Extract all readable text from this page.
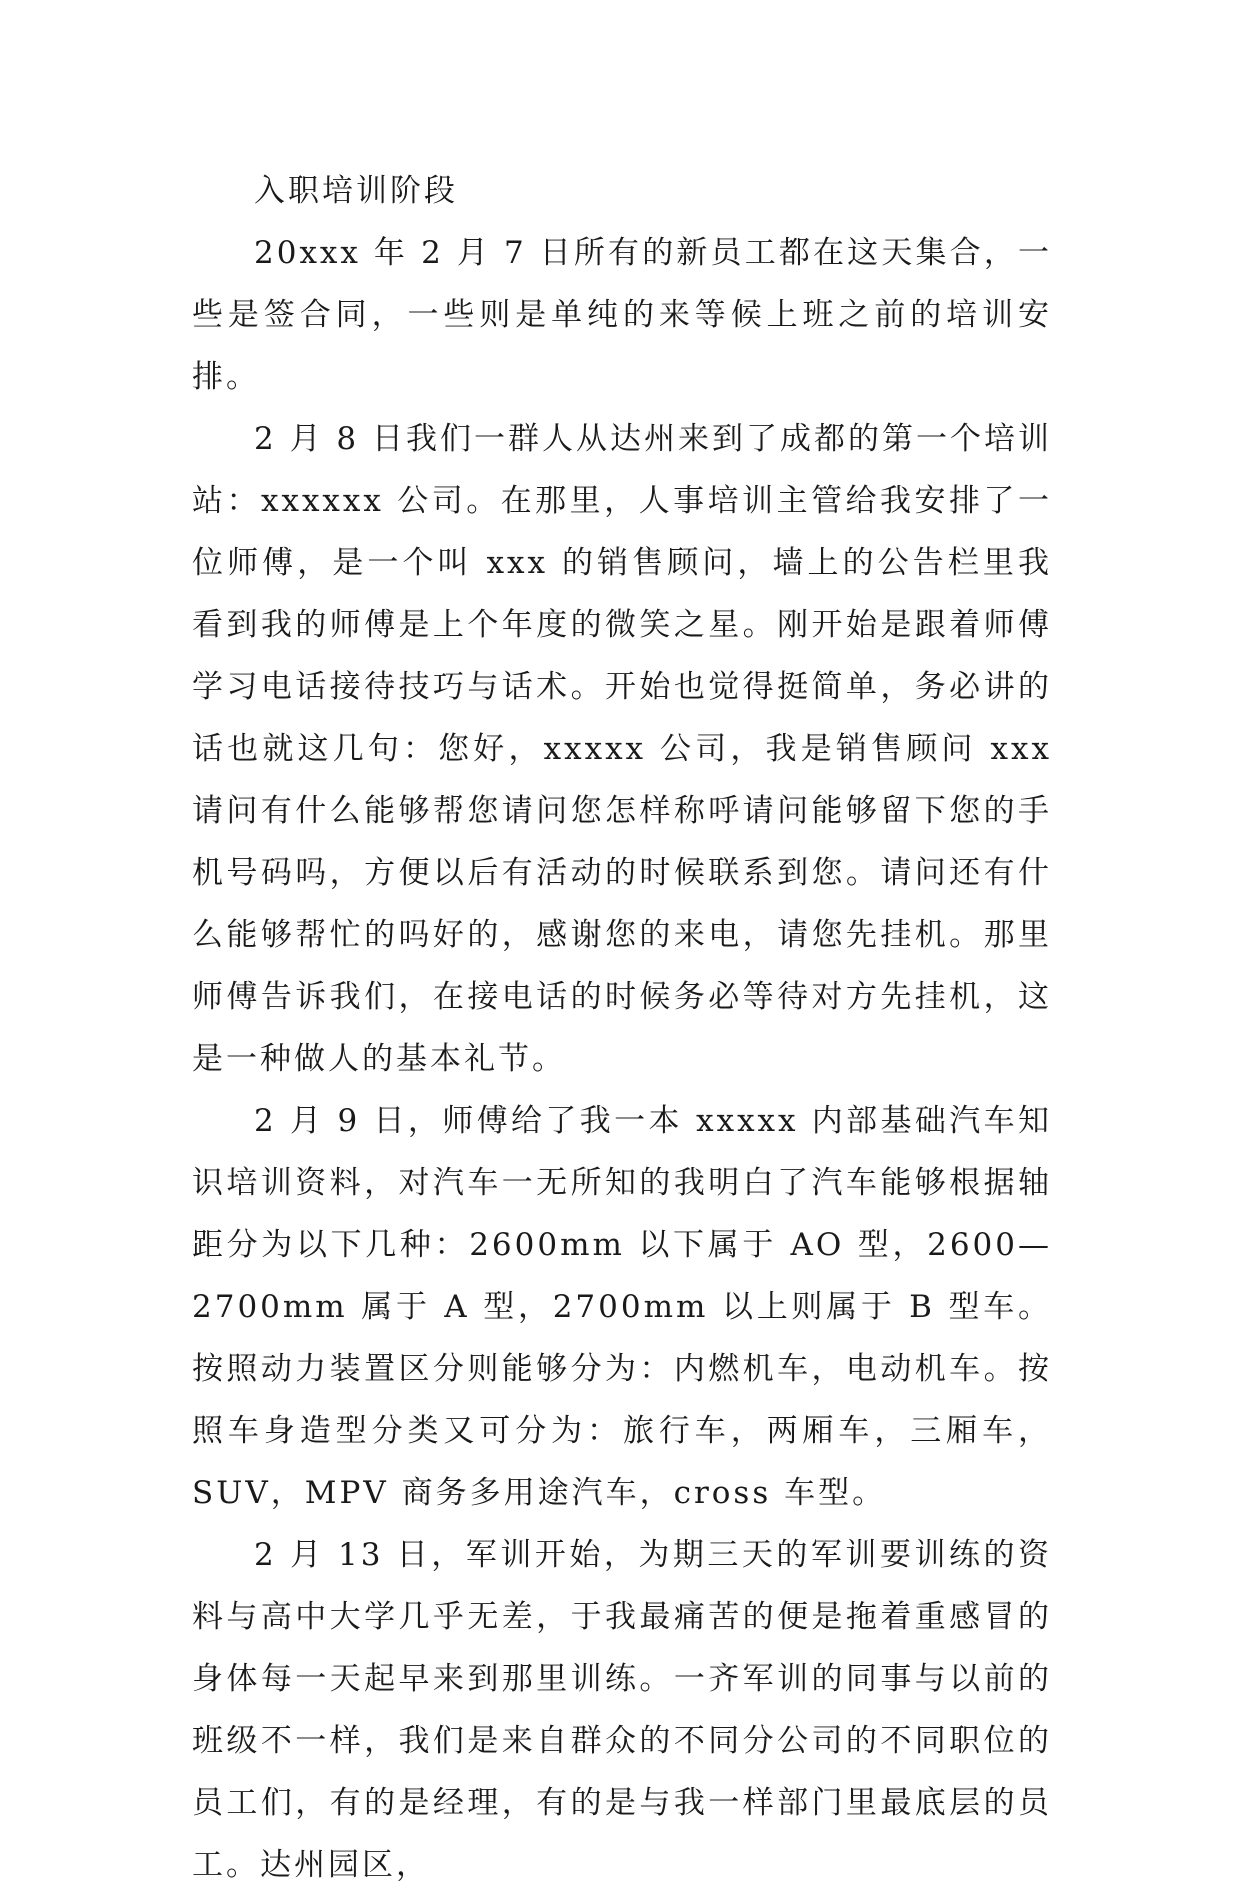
入职培训阶段

20xxx 年 2 月 7 日所有的新员工都在这天集合，一些是签合同，一些则是单纯的来等候上班之前的培训安排。

2 月 8 日我们一群人从达州来到了成都的第一个培训站：xxxxxx 公司。在那里，人事培训主管给我安排了一位师傅，是一个叫 xxx 的销售顾问，墙上的公告栏里我看到我的师傅是上个年度的微笑之星。刚开始是跟着师傅学习电话接待技巧与话术。开始也觉得挺简单，务必讲的话也就这几句：您好，xxxxx 公司，我是销售顾问 xxx 请问有什么能够帮您请问您怎样称呼请问能够留下您的手机号码吗，方便以后有活动的时候联系到您。请问还有什么能够帮忙的吗好的，感谢您的来电，请您先挂机。那里师傅告诉我们，在接电话的时候务必等待对方先挂机，这是一种做人的基本礼节。

2 月 9 日，师傅给了我一本 xxxxx 内部基础汽车知识培训资料，对汽车一无所知的我明白了汽车能够根据轴距分为以下几种：2600mm 以下属于 AO 型，2600—2700mm 属于 A 型，2700mm 以上则属于 B 型车。按照动力装置区分则能够分为：内燃机车，电动机车。按照车身造型分类又可分为：旅行车，两厢车，三厢车，SUV，MPV 商务多用途汽车，cross 车型。

2 月 13 日，军训开始，为期三天的军训要训练的资料与高中大学几乎无差，于我最痛苦的便是拖着重感冒的身体每一天起早来到那里训练。一齐军训的同事与以前的班级不一样，我们是来自群众的不同分公司的不同职位的员工们，有的是经理，有的是与我一样部门里最底层的员工。达州园区，
